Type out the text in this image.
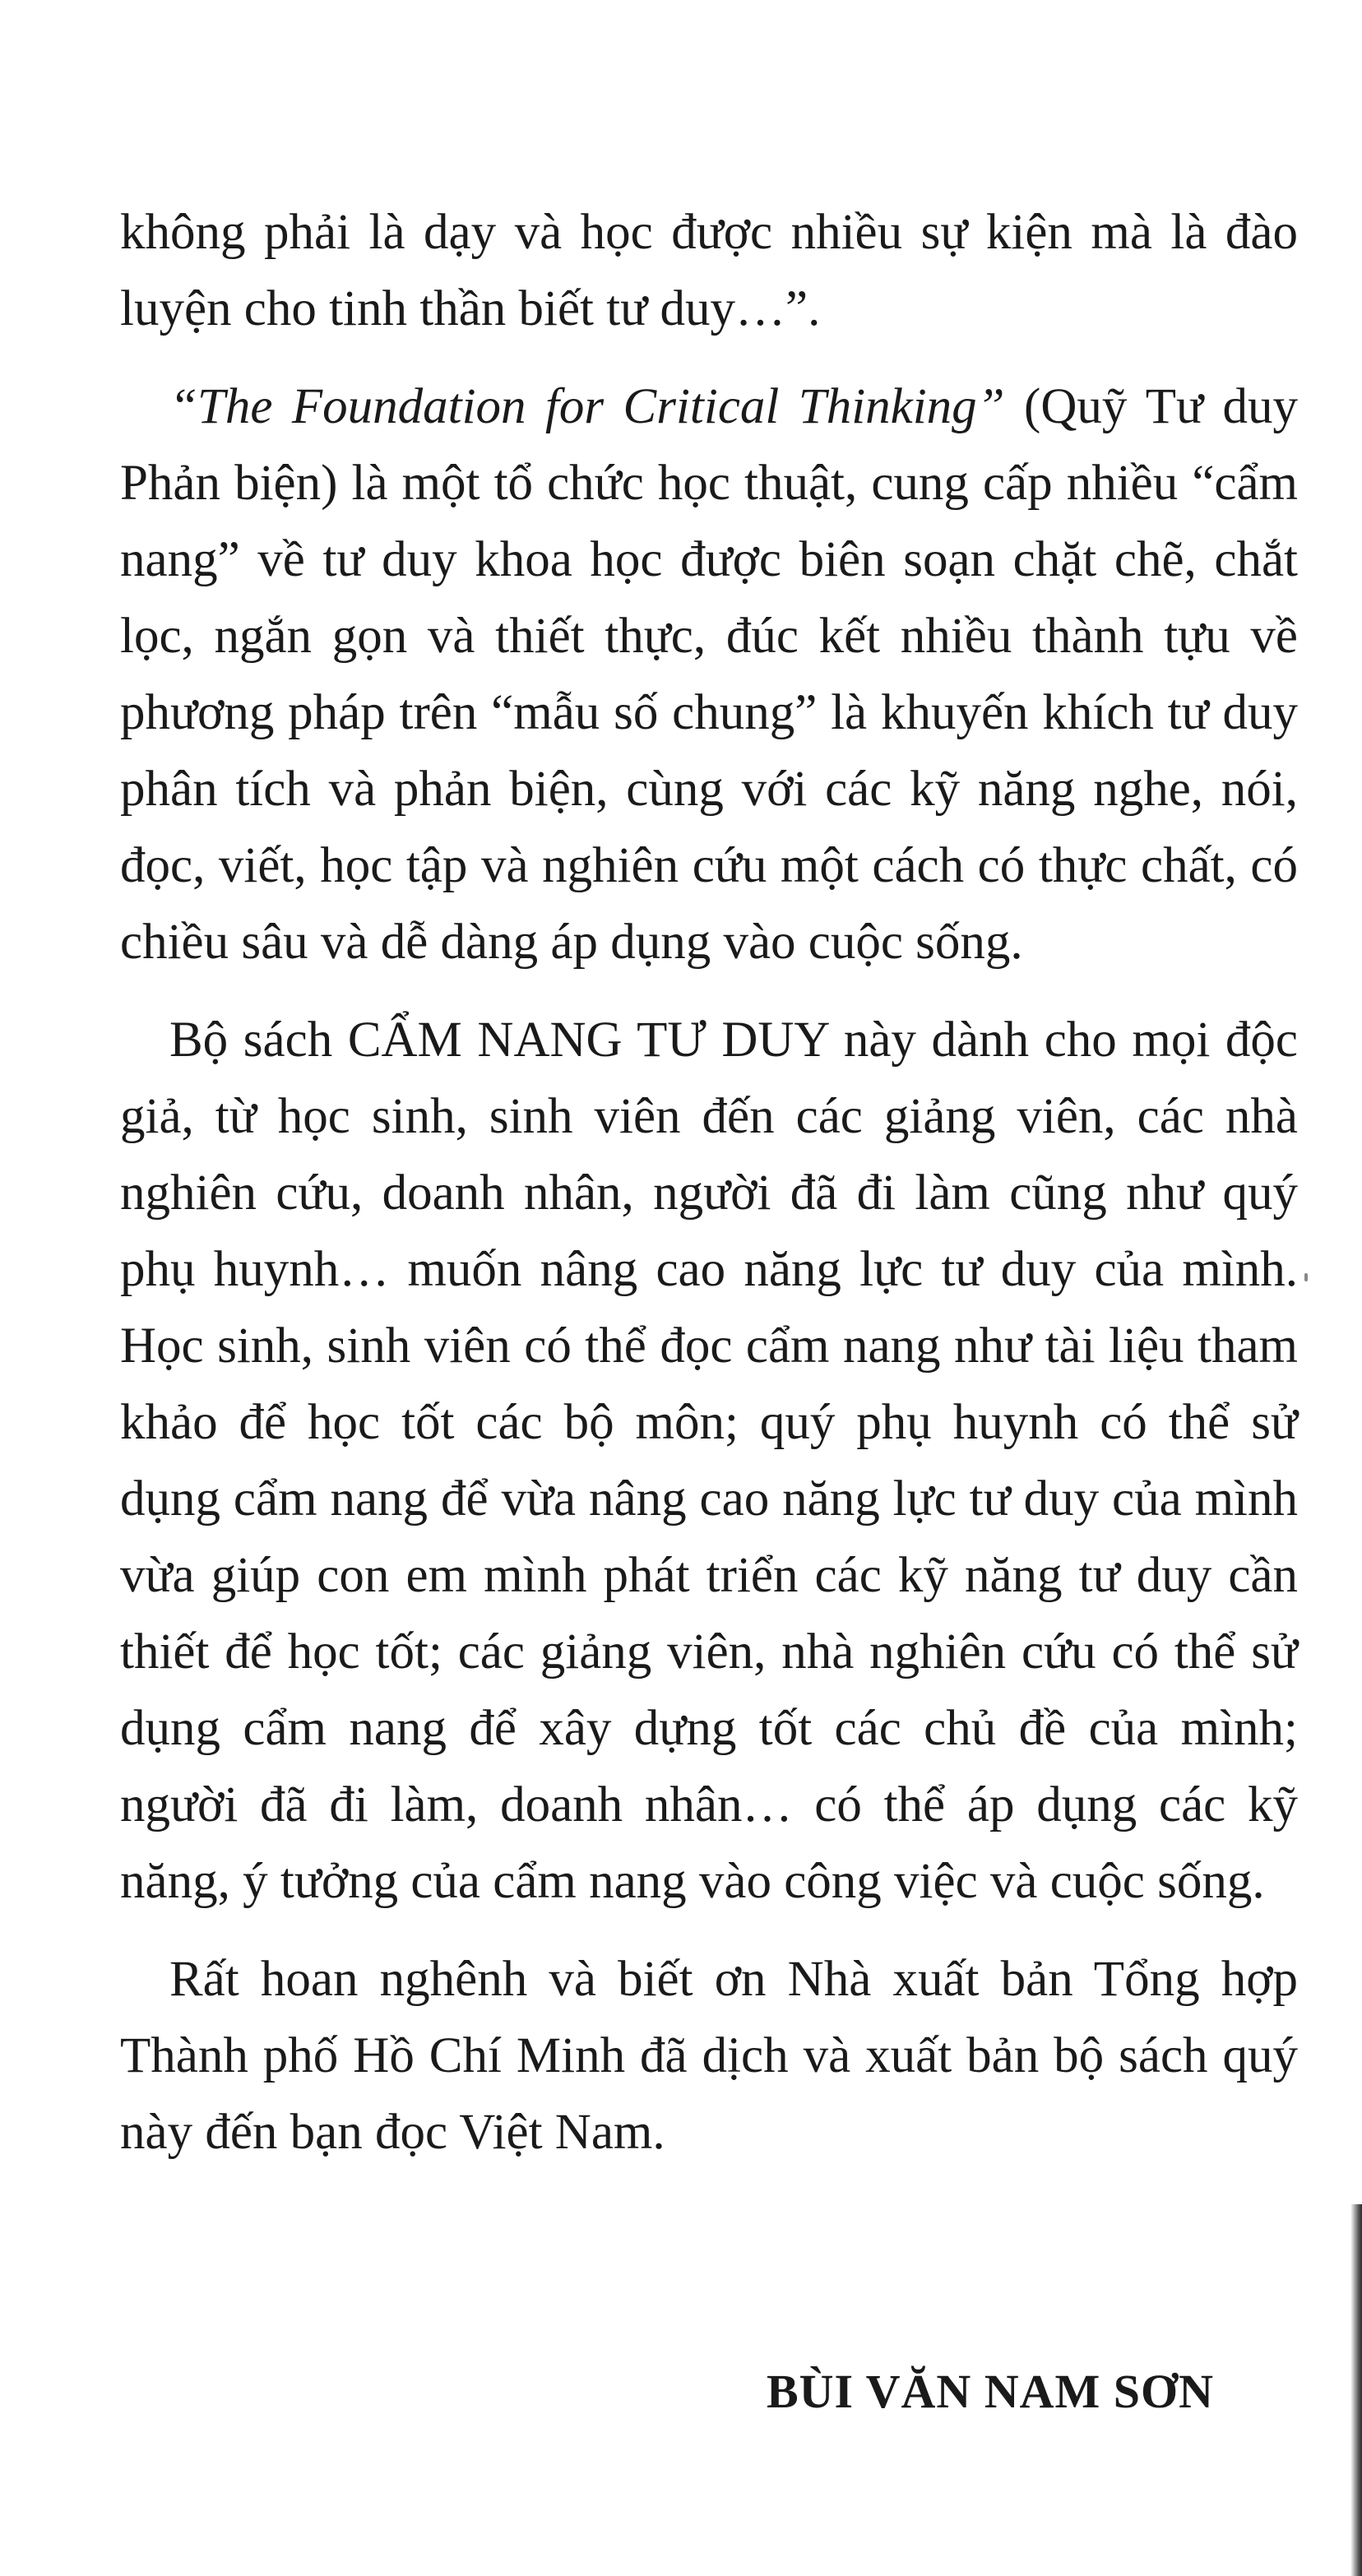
không phải là dạy và học được nhiều sự kiện mà là đào luyện cho tinh thần biết tư duy…”.

“The Foundation for Critical Thinking” (Quỹ Tư duy Phản biện) là một tổ chức học thuật, cung cấp nhiều “cẩm nang” về tư duy khoa học được biên soạn chặt chẽ, chắt lọc, ngắn gọn và thiết thực, đúc kết nhiều thành tựu về phương pháp trên “mẫu số chung” là khuyến khích tư duy phân tích và phản biện, cùng với các kỹ năng nghe, nói, đọc, viết, học tập và nghiên cứu một cách có thực chất, có chiều sâu và dễ dàng áp dụng vào cuộc sống.

Bộ sách CẨM NANG TƯ DUY này dành cho mọi độc giả, từ học sinh, sinh viên đến các giảng viên, các nhà nghiên cứu, doanh nhân, người đã đi làm cũng như quý phụ huynh… muốn nâng cao năng lực tư duy của mình. Học sinh, sinh viên có thể đọc cẩm nang như tài liệu tham khảo để học tốt các bộ môn; quý phụ huynh có thể sử dụng cẩm nang để vừa nâng cao năng lực tư duy của mình vừa giúp con em mình phát triển các kỹ năng tư duy cần thiết để học tốt; các giảng viên, nhà nghiên cứu có thể sử dụng cẩm nang để xây dựng tốt các chủ đề của mình; người đã đi làm, doanh nhân… có thể áp dụng các kỹ năng, ý tưởng của cẩm nang vào công việc và cuộc sống.

Rất hoan nghênh và biết ơn Nhà xuất bản Tổng hợp Thành phố Hồ Chí Minh đã dịch và xuất bản bộ sách quý này đến bạn đọc Việt Nam.

BÙI VĂN NAM SƠN
